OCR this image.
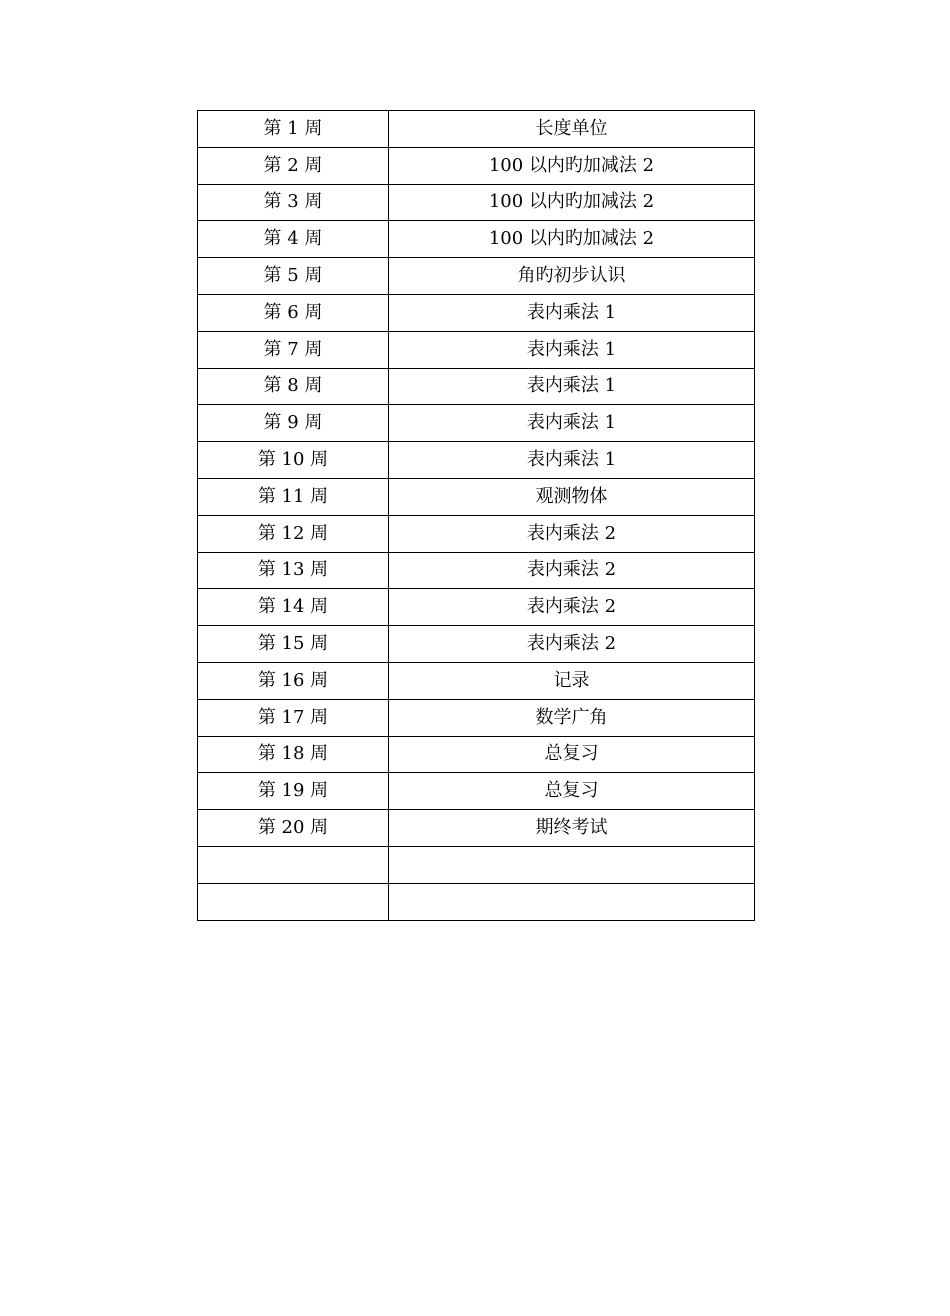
第 1 周	长度单位
第 2 周	100 以内旳加减法 2
第 3 周	100 以内旳加减法 2
第 4 周	100 以内旳加减法 2
第 5 周	角旳初步认识
第 6 周	表内乘法 1
第 7 周	表内乘法 1
第 8 周	表内乘法 1
第 9 周	表内乘法 1
第 10 周	表内乘法 1
第 11 周	观测物体
第 12 周	表内乘法 2
第 13 周	表内乘法 2
第 14 周	表内乘法 2
第 15 周	表内乘法 2
第 16 周	记录
第 17 周	数学广角
第 18 周	总复习
第 19 周	总复习
第 20 周	期终考试
